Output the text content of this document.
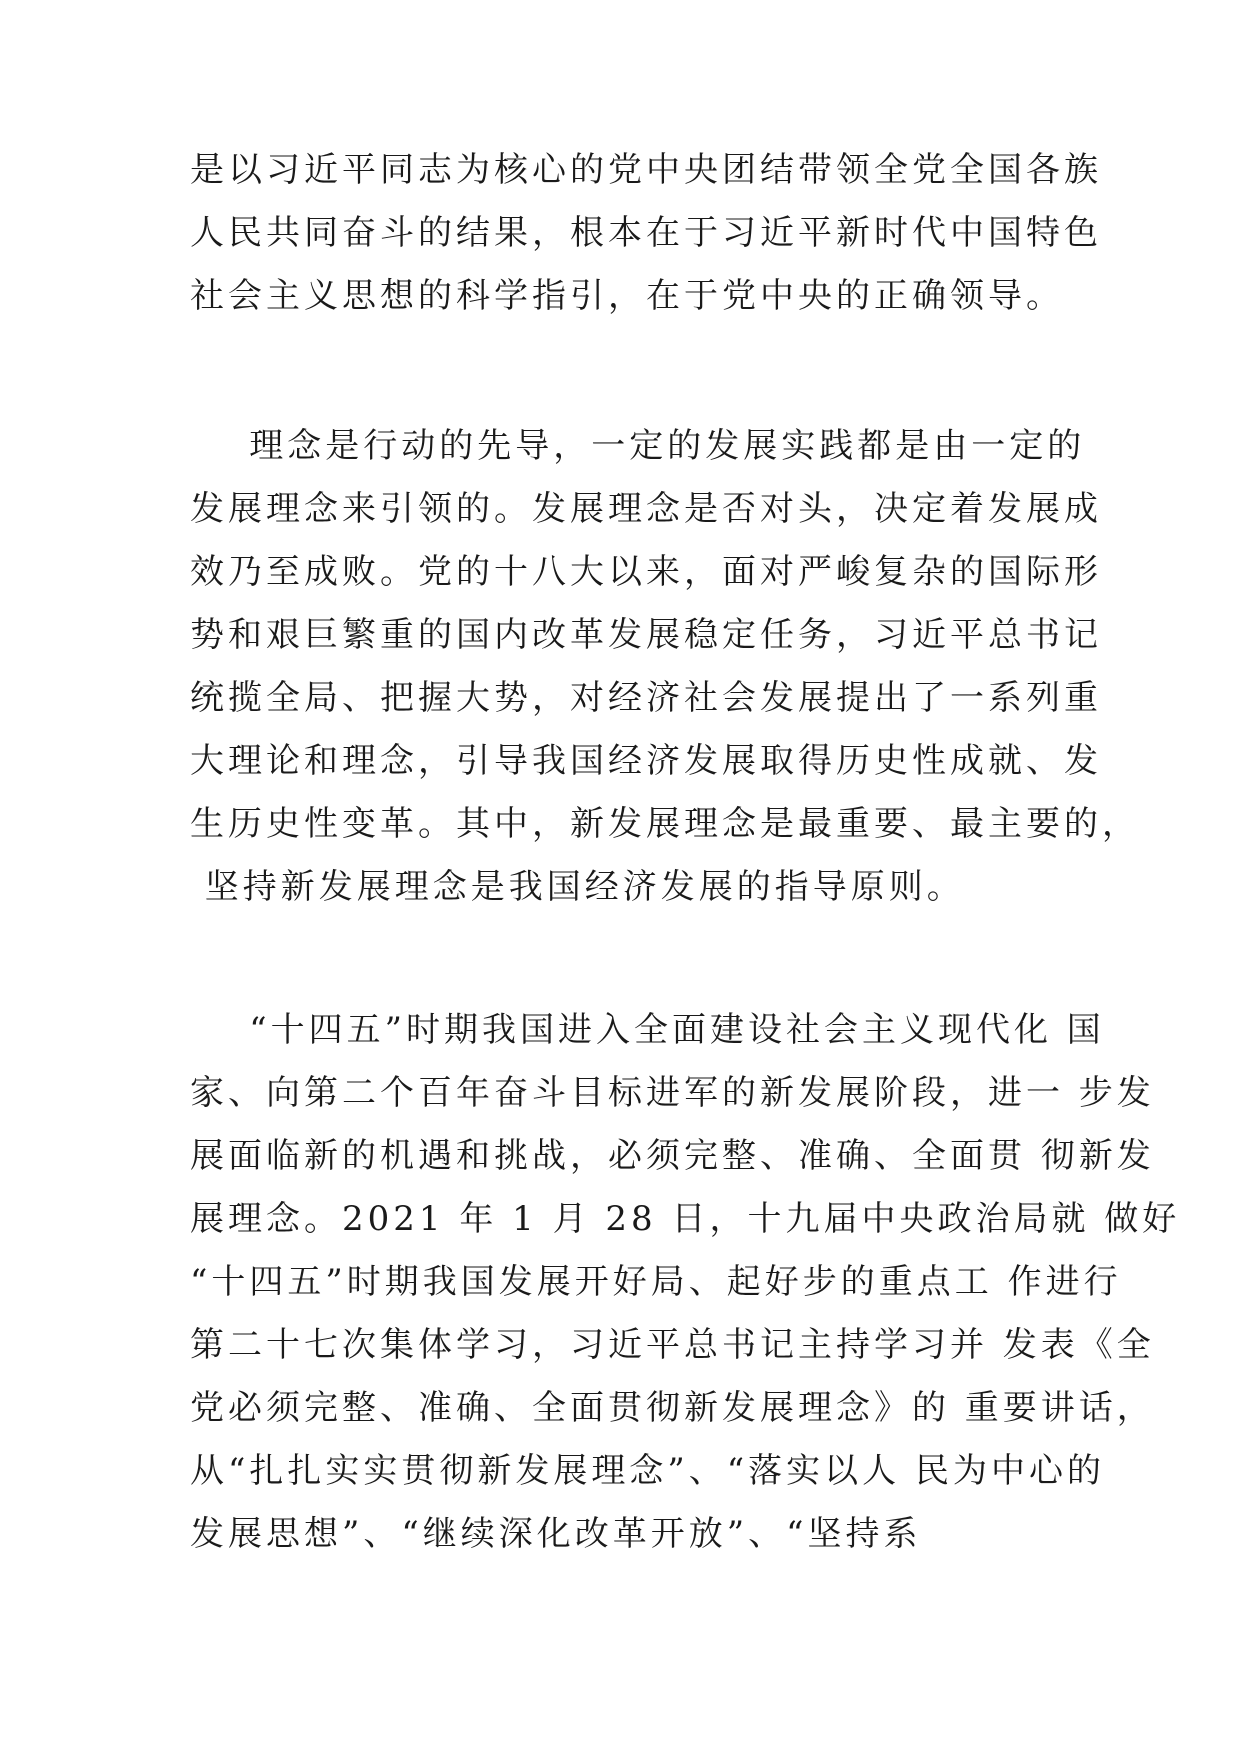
是以习近平同志为核心的党中央团结带领全党全国各族
人民共同奋斗的结果，根本在于习近平新时代中国特色
社会主义思想的科学指引，在于党中央的正确领导。
理念是行动的先导，一定的发展实践都是由一定的
发展理念来引领的。发展理念是否对头，决定着发展成
效乃至成败。党的十八大以来，面对严峻复杂的国际形
势和艰巨繁重的国内改革发展稳定任务，习近平总书记
统揽全局、把握大势，对经济社会发展提出了一系列重
大理论和理念，引导我国经济发展取得历史性成就、发
生历史性变革。其中，新发展理念是最重要、最主要的，
坚持新发展理念是我国经济发展的指导原则。
“十四五”时期我国进入全面建设社会主义现代化 国
家、向第二个百年奋斗目标进军的新发展阶段，进一 步发
展面临新的机遇和挑战，必须完整、准确、全面贯 彻新发
展理念。2021 年 1 月 28 日，十九届中央政治局就 做好
“十四五”时期我国发展开好局、起好步的重点工 作进行
第二十七次集体学习，习近平总书记主持学习并 发表《全
党必须完整、准确、全面贯彻新发展理念》的 重要讲话，
从“扎扎实实贯彻新发展理念”、“落实以人 民为中心的
发展思想”、“继续深化改革开放”、“坚持系
